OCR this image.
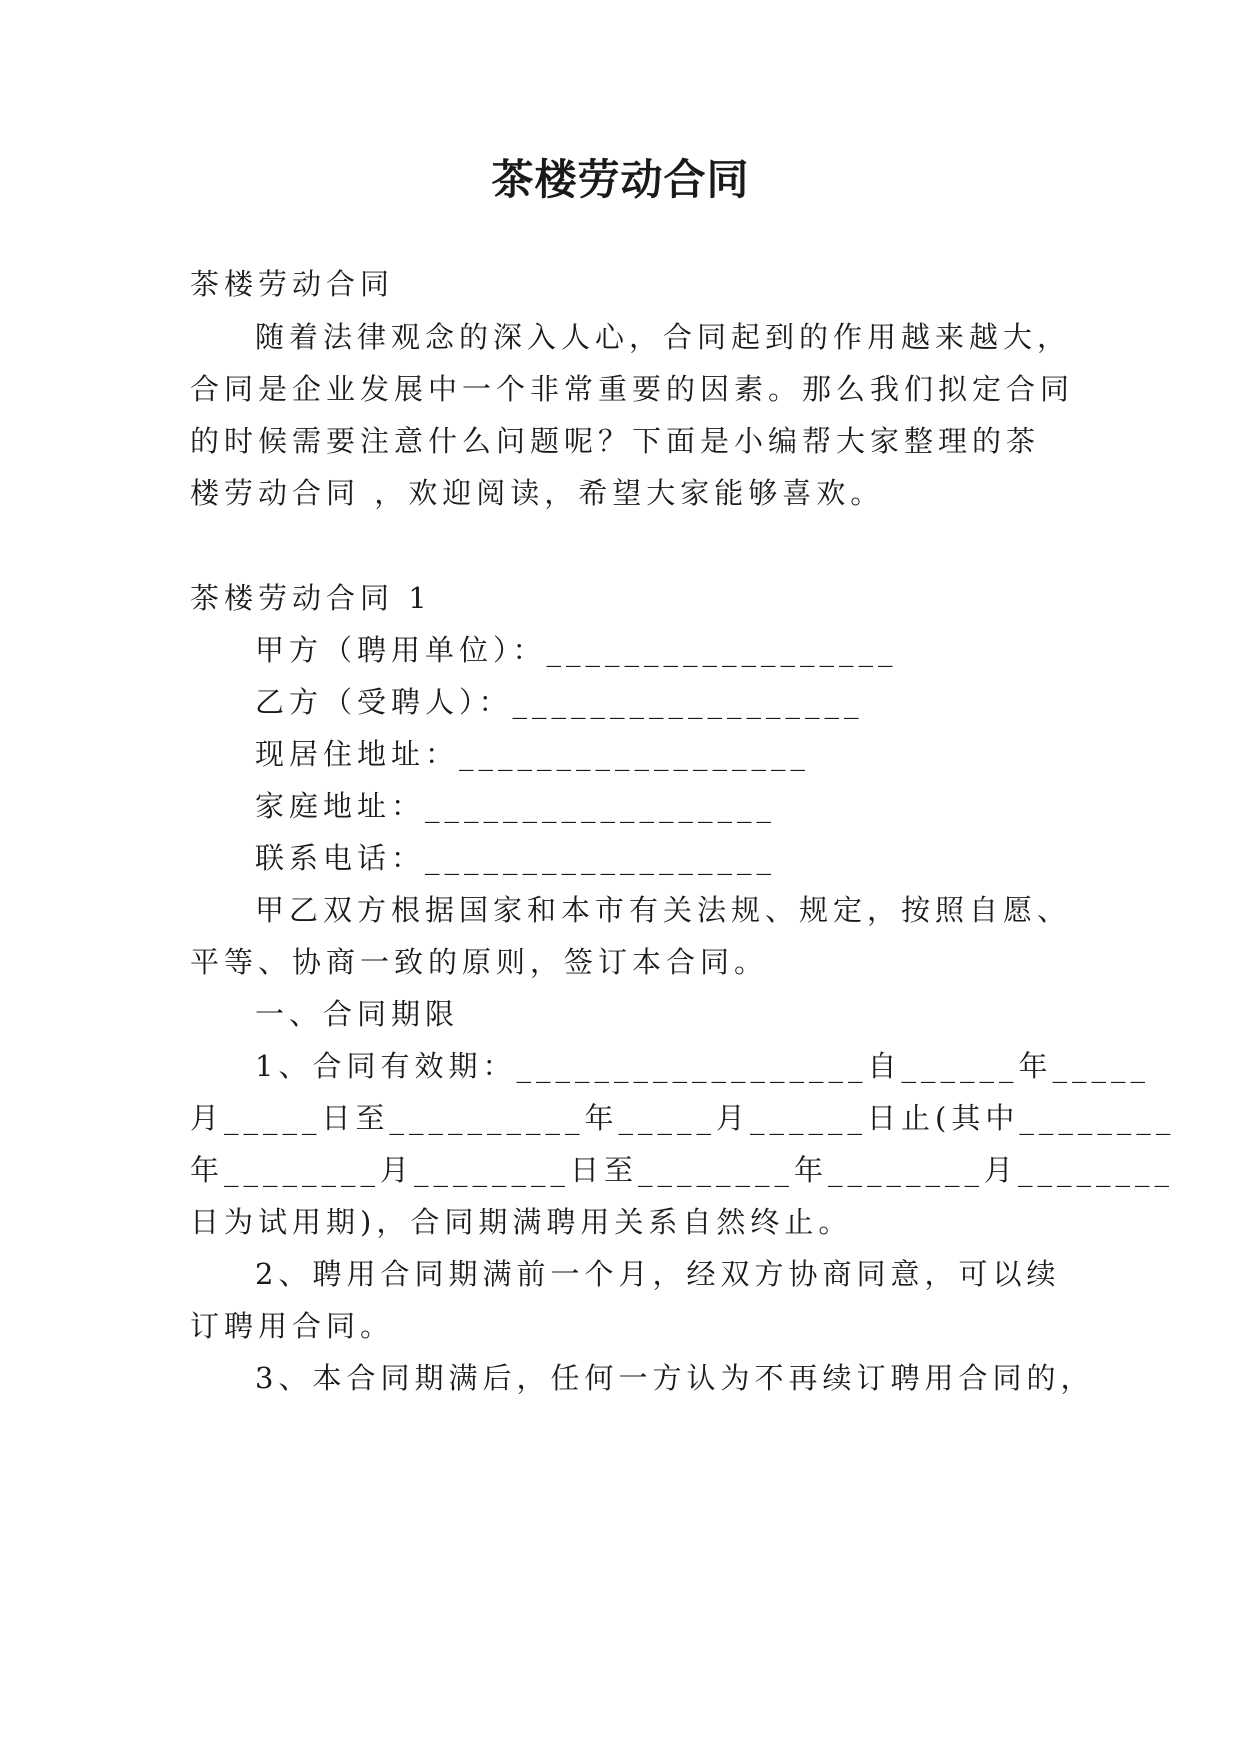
茶楼劳动合同
茶楼劳动合同
随着法律观念的深入人心，合同起到的作用越来越大，
合同是企业发展中一个非常重要的因素。那么我们拟定合同
的时候需要注意什么问题呢？下面是小编帮大家整理的茶
楼劳动合同 ，欢迎阅读，希望大家能够喜欢。
茶楼劳动合同 1
甲方（聘用单位）：__________________
乙方（受聘人）：__________________
现居住地址：__________________
家庭地址：__________________
联系电话：__________________
甲乙双方根据国家和本市有关法规、规定，按照自愿、
平等、协商一致的原则，签订本合同。
一、合同期限
1、合同有效期：__________________自______年_____
月_____日至__________年_____月______日止(其中________
年________月________日至________年________月________
日为试用期)，合同期满聘用关系自然终止。
2、聘用合同期满前一个月，经双方协商同意，可以续
订聘用合同。
3、本合同期满后，任何一方认为不再续订聘用合同的，
